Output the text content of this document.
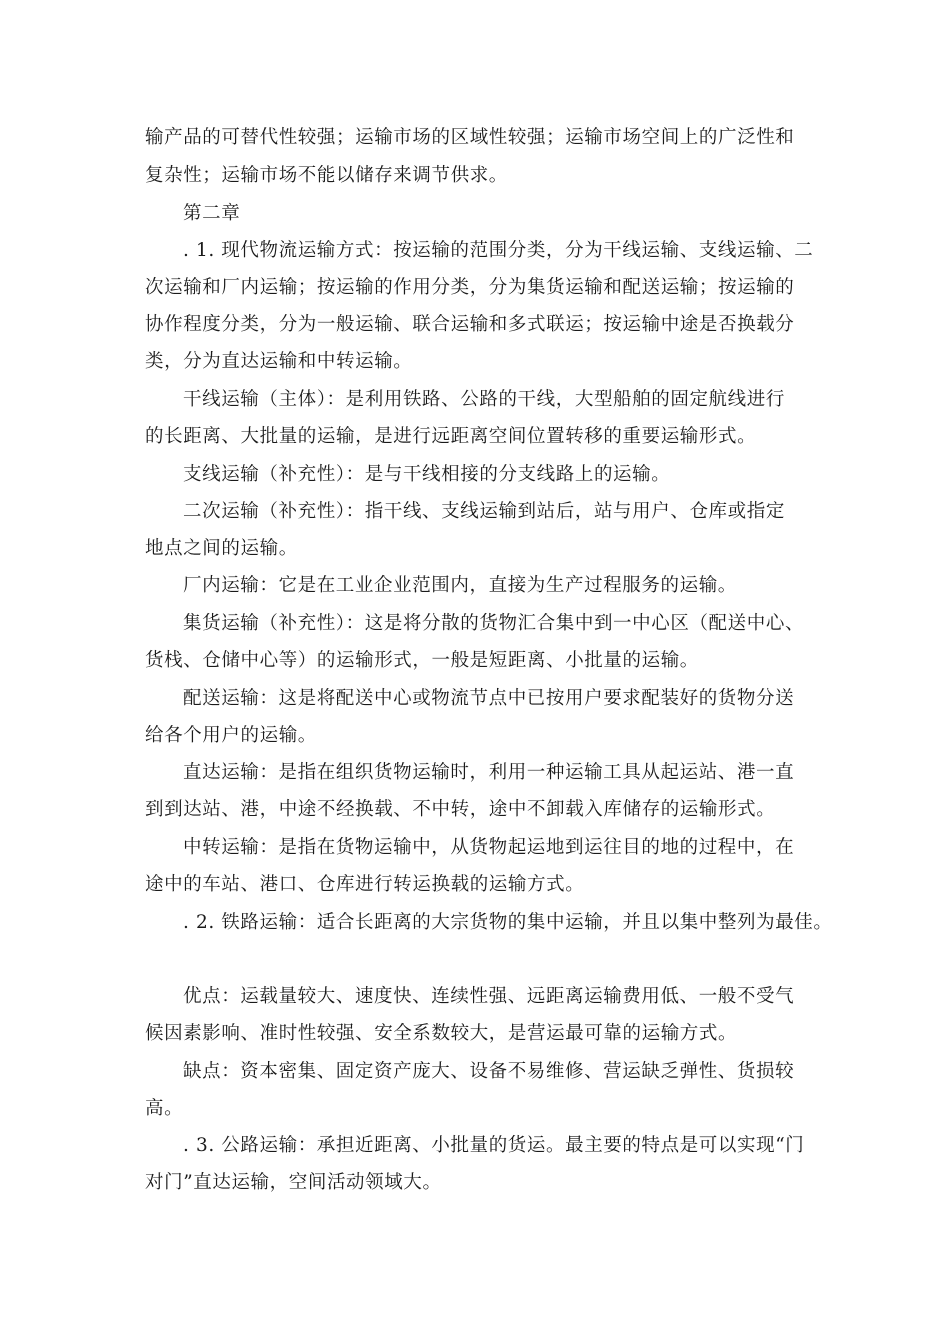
输产品的可替代性较强；运输市场的区域性较强；运输市场空间上的广泛性和
复杂性；运输市场不能以储存来调节供求。
第二章
. 1. 现代物流运输方式：按运输的范围分类，分为干线运输、支线运输、二
次运输和厂内运输；按运输的作用分类，分为集货运输和配送运输；按运输的
协作程度分类，分为一般运输、联合运输和多式联运；按运输中途是否换载分
类，分为直达运输和中转运输。
干线运输（主体）：是利用铁路、公路的干线，大型船舶的固定航线进行
的长距离、大批量的运输，是进行远距离空间位置转移的重要运输形式。
支线运输（补充性）：是与干线相接的分支线路上的运输。
二次运输（补充性）：指干线、支线运输到站后，站与用户、仓库或指定
地点之间的运输。
厂内运输：它是在工业企业范围内，直接为生产过程服务的运输。
集货运输（补充性）：这是将分散的货物汇合集中到一中心区（配送中心、
货栈、仓储中心等）的运输形式，一般是短距离、小批量的运输。
配送运输：这是将配送中心或物流节点中已按用户要求配装好的货物分送
给各个用户的运输。
直达运输：是指在组织货物运输时，利用一种运输工具从起运站、港一直
到到达站、港，中途不经换载、不中转，途中不卸载入库储存的运输形式。
中转运输：是指在货物运输中，从货物起运地到运往目的地的过程中，在
途中的车站、港口、仓库进行转运换载的运输方式。
. 2. 铁路运输：适合长距离的大宗货物的集中运输，并且以集中整列为最佳。
优点：运载量较大、速度快、连续性强、远距离运输费用低、一般不受气
候因素影响、准时性较强、安全系数较大，是营运最可靠的运输方式。
缺点：资本密集、固定资产庞大、设备不易维修、营运缺乏弹性、货损较
高。
. 3. 公路运输：承担近距离、小批量的货运。最主要的特点是可以实现“门
对门”直达运输，空间活动领域大。
